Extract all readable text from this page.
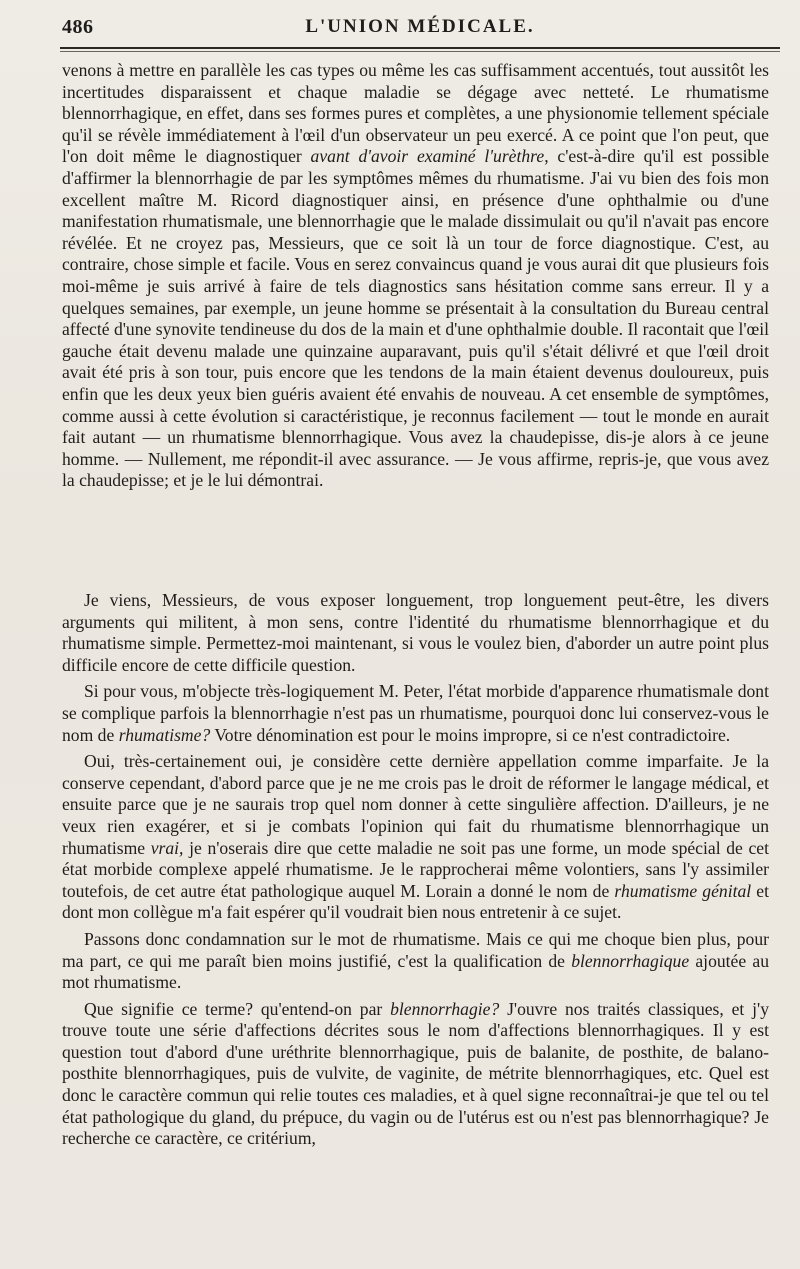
486	L'UNION MÉDICALE.

venons à mettre en parallèle les cas types ou même les cas suffisamment accentués, tout aussitôt les incertitudes disparaissent et chaque maladie se dégage avec netteté. Le rhumatisme blennorrhagique, en effet, dans ses formes pures et complètes, a une physionomie tellement spéciale qu'il se révèle immédiatement à l'œil d'un observateur un peu exercé. A ce point que l'on peut, que l'on doit même le diagnostiquer avant d'avoir examiné l'urèthre, c'est-à-dire qu'il est possible d'affirmer la blennorrhagie de par les symptômes mêmes du rhumatisme. J'ai vu bien des fois mon excellent maître M. Ricord diagnostiquer ainsi, en présence d'une ophthalmie ou d'une manifestation rhumatismale, une blennorrhagie que le malade dissimulait ou qu'il n'avait pas encore révélée. Et ne croyez pas, Messieurs, que ce soit là un tour de force diagnostique. C'est, au contraire, chose simple et facile. Vous en serez convaincus quand je vous aurai dit que plusieurs fois moi-même je suis arrivé à faire de tels diagnostics sans hésitation comme sans erreur. Il y a quelques semaines, par exemple, un jeune homme se présentait à la consultation du Bureau central affecté d'une synovite tendineuse du dos de la main et d'une ophthalmie double. Il racontait que l'œil gauche était devenu malade une quinzaine auparavant, puis qu'il s'était délivré et que l'œil droit avait été pris à son tour, puis encore que les tendons de la main étaient devenus douloureux, puis enfin que les deux yeux bien guéris avaient été envahis de nouveau. A cet ensemble de symptômes, comme aussi à cette évolution si caractéristique, je reconnus facilement — tout le monde en aurait fait autant — un rhumatisme blennorrhagique. Vous avez la chaudepisse, dis-je alors à ce jeune homme. — Nullement, me répondit-il avec assurance. — Je vous affirme, repris-je, que vous avez la chaudepisse; et je le lui démontrai.

Je viens, Messieurs, de vous exposer longuement, trop longuement peut-être, les divers arguments qui militent, à mon sens, contre l'identité du rhumatisme blennorrhagique et du rhumatisme simple. Permettez-moi maintenant, si vous le voulez bien, d'aborder un autre point plus difficile encore de cette difficile question.

Si pour vous, m'objecte très-logiquement M. Peter, l'état morbide d'apparence rhumatismale dont se complique parfois la blennorrhagie n'est pas un rhumatisme, pourquoi donc lui conservez-vous le nom de rhumatisme? Votre dénomination est pour le moins impropre, si ce n'est contradictoire.

Oui, très-certainement oui, je considère cette dernière appellation comme imparfaite. Je la conserve cependant, d'abord parce que je ne me crois pas le droit de réformer le langage médical, et ensuite parce que je ne saurais trop quel nom donner à cette singulière affection. D'ailleurs, je ne veux rien exagérer, et si je combats l'opinion qui fait du rhumatisme blennorrhagique un rhumatisme vrai, je n'oserais dire que cette maladie ne soit pas une forme, un mode spécial de cet état morbide complexe appelé rhumatisme. Je le rapprocherai même volontiers, sans l'y assimiler toutefois, de cet autre état pathologique auquel M. Lorain a donné le nom de rhumatisme génital et dont mon collègue m'a fait espérer qu'il voudrait bien nous entretenir à ce sujet.

Passons donc condamnation sur le mot de rhumatisme. Mais ce qui me choque bien plus, pour ma part, ce qui me paraît bien moins justifié, c'est la qualification de blennorrhagique ajoutée au mot rhumatisme.

Que signifie ce terme? qu'entend-on par blennorrhagie? J'ouvre nos traités classiques, et j'y trouve toute une série d'affections décrites sous le nom d'affections blennorrhagiques. Il y est question tout d'abord d'une uréthrite blennorrhagique, puis de balanite, de posthite, de balano-posthite blennorrhagiques, puis de vulvite, de vaginite, de métrite blennorrhagiques, etc. Quel est donc le caractère commun qui relie toutes ces maladies, et à quel signe reconnaîtrai-je que tel ou tel état pathologique du gland, du prépuce, du vagin ou de l'utérus est ou n'est pas blennorrhagique? Je recherche ce caractère, ce critérium,
